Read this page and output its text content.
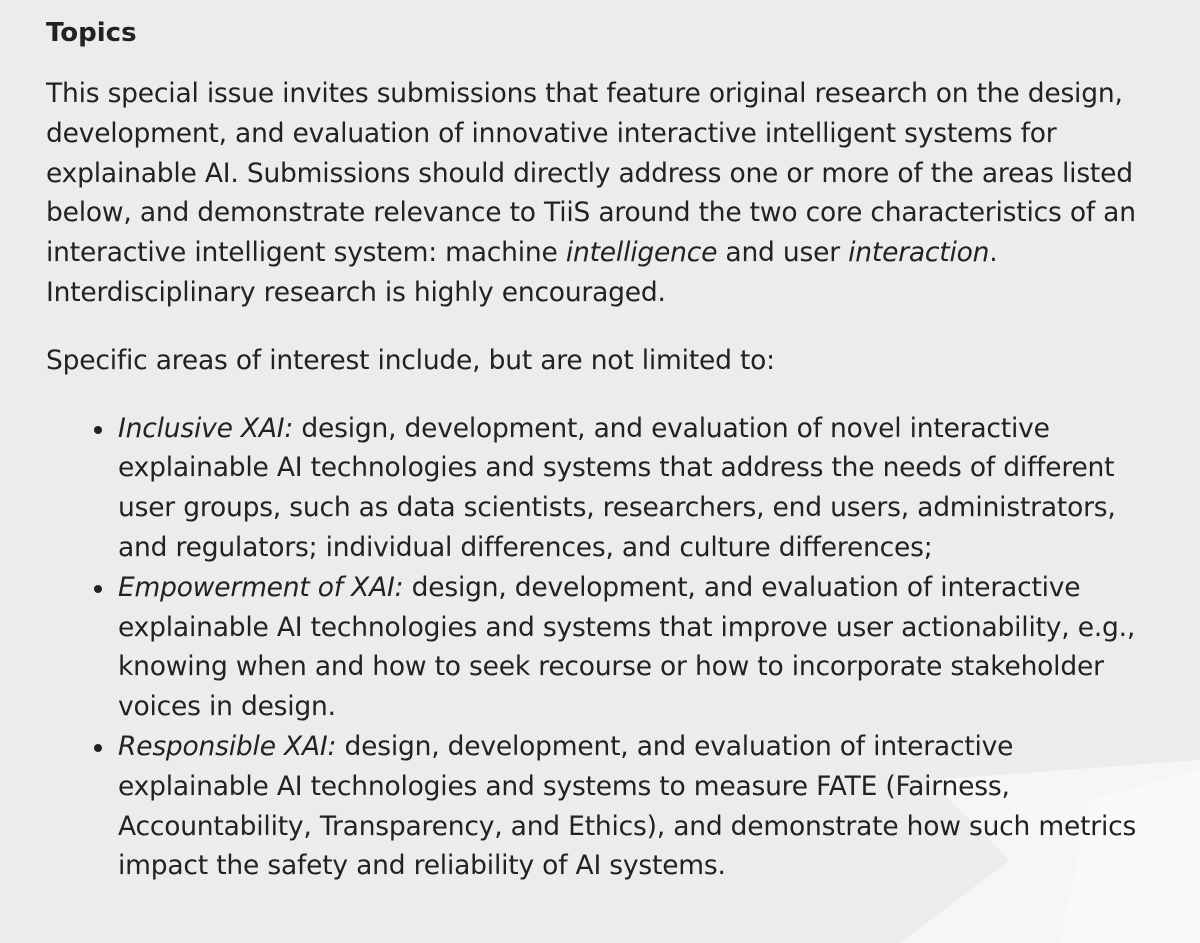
Topics

This special issue invites submissions that feature original research on the design, development, and evaluation of innovative interactive intelligent systems for explainable AI. Submissions should directly address one or more of the areas listed below, and demonstrate relevance to TiiS around the two core characteristics of an interactive intelligent system: machine intelligence and user interaction. Interdisciplinary research is highly encouraged.

Specific areas of interest include, but are not limited to:

Inclusive XAI: design, development, and evaluation of novel interactive explainable AI technologies and systems that address the needs of different user groups, such as data scientists, researchers, end users, administrators, and regulators; individual differences, and culture differences;
Empowerment of XAI: design, development, and evaluation of interactive explainable AI technologies and systems that improve user actionability, e.g., knowing when and how to seek recourse or how to incorporate stakeholder voices in design.
Responsible XAI: design, development, and evaluation of interactive explainable AI technologies and systems to measure FATE (Fairness, Accountability, Transparency, and Ethics), and demonstrate how such metrics impact the safety and reliability of AI systems.
